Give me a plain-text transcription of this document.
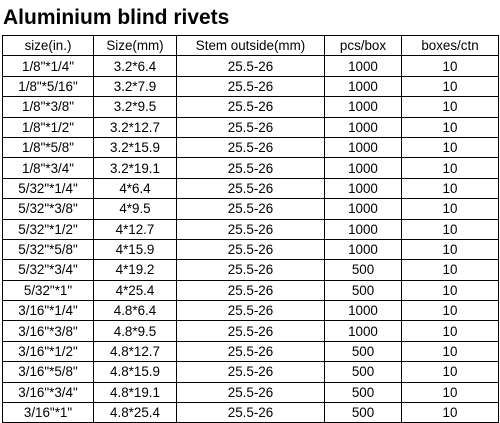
Aluminium blind rivets
size(in.)	Size(mm)	Stem outside(mm)	pcs/box	boxes/ctn
1/8"*1/4"	3.2*6.4	25.5-26	1000	10
1/8"*5/16"	3.2*7.9	25.5-26	1000	10
1/8"*3/8"	3.2*9.5	25.5-26	1000	10
1/8"*1/2"	3.2*12.7	25.5-26	1000	10
1/8"*5/8"	3.2*15.9	25.5-26	1000	10
1/8"*3/4"	3.2*19.1	25.5-26	1000	10
5/32"*1/4"	4*6.4	25.5-26	1000	10
5/32"*3/8"	4*9.5	25.5-26	1000	10
5/32"*1/2"	4*12.7	25.5-26	1000	10
5/32"*5/8"	4*15.9	25.5-26	1000	10
5/32"*3/4"	4*19.2	25.5-26	500	10
5/32"*1"	4*25.4	25.5-26	500	10
3/16"*1/4"	4.8*6.4	25.5-26	1000	10
3/16"*3/8"	4.8*9.5	25.5-26	1000	10
3/16"*1/2"	4.8*12.7	25.5-26	500	10
3/16"*5/8"	4.8*15.9	25.5-26	500	10
3/16"*3/4"	4.8*19.1	25.5-26	500	10
3/16"*1"	4.8*25.4	25.5-26	500	10
